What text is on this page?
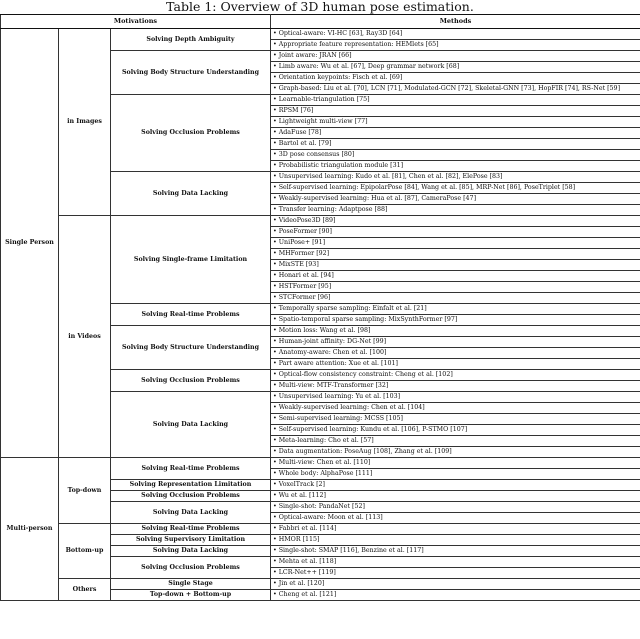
Table 1: Overview of 3D human pose estimation.
Motivations			Methods
Single Person	in Images	Solving Depth Ambiguity	• Optical-aware: VI-HC [63], Ray3D [64]
			• Appropriate feature representation: HEMlets [65]
		Solving Body Structure Understanding	• Joint aware: JRAN [66]
			• Limb aware: Wu et al. [67], Deep grammar network [68]
			• Orientation keypoints: Fisch et al. [69]
			• Graph-based: Liu et al. [70], LCN [71], Modulated-GCN [72], Skeletal-GNN [73], HopFIR [74], RS-Net [59]
		Solving Occlusion Problems	• Learnable-triangulation [75]
			• RPSM [76]
			• Lightweight multi-view [77]
			• AdaFuse [78]
			• Bartol et al. [79]
			• 3D pose consensus [80]
			• Probabilistic triangulation module [31]
		Solving Data Lacking	• Unsupervised learning: Kudo et al. [81], Chen et al. [82], ElePose [83]
			• Self-supervised learning: EpipolarPose [84], Wang et al. [85], MRP-Net [86], PoseTriplet [58]
			• Weakly-supervised learning: Hua et al. [87], CameraPose [47]
			• Transfer learning: Adaptpose [88]
	in Videos	Solving Single-frame Limitation	• VideoPose3D [89]
			• PoseFormer [90]
			• UniPose+ [91]
			• MHFormer [92]
			• MixSTE [93]
			• Honari et al. [94]
			• HSTFormer [95]
			• STCFormer [96]
		Solving Real-time Problems	• Temporally sparse sampling: Einfalt et al. [21]
			• Spatio-temporal sparse sampling: MixSynthFormer [97]
		Solving Body Structure Understanding	• Motion loss: Wang et al. [98]
			• Human-joint affinity: DG-Net [99]
			• Anatomy-aware: Chen et al. [100]
			• Part aware attention: Xue et al. [101]
		Solving Occlusion Problems	• Optical-flow consistency constraint: Cheng et al. [102]
			• Multi-view: MTF-Transformer [32]
		Solving Data Lacking	• Unsupervised learning: Yu et al. [103]
			• Weakly-supervised learning: Chen et al. [104]
			• Semi-supervised learning: MCSS [105]
			• Self-supervised learning: Kundu et al. [106], P-STMO [107]
			• Meta-learning: Cho et al. [57]
			• Data augmentation: PoseAug [108], Zhang et al. [109]
Multi-person	Top-down	Solving Real-time Problems	• Multi-view: Chen et al. [110]
			• Whole body: AlphaPose [111]
		Solving Representation Limitation	• VoxelTrack [2]
		Solving Occlusion Problems	• Wu et al. [112]
		Solving Data Lacking	• Single-shot: PandaNet [52]
			• Optical-aware: Moon et al. [113]
	Bottom-up	Solving Real-time Problems	• Fabbri et al. [114]
		Solving Supervisory Limitation	• HMOR [115]
		Solving Data Lacking	• Single-shot: SMAP [116], Benzine et al. [117]
		Solving Occlusion Problems	• Mehta et al. [118]
			• LCR-Net++ [119]
	Others	Single Stage	• Jin et al. [120]
		Top-down + Bottom-up	• Cheng et al. [121]
